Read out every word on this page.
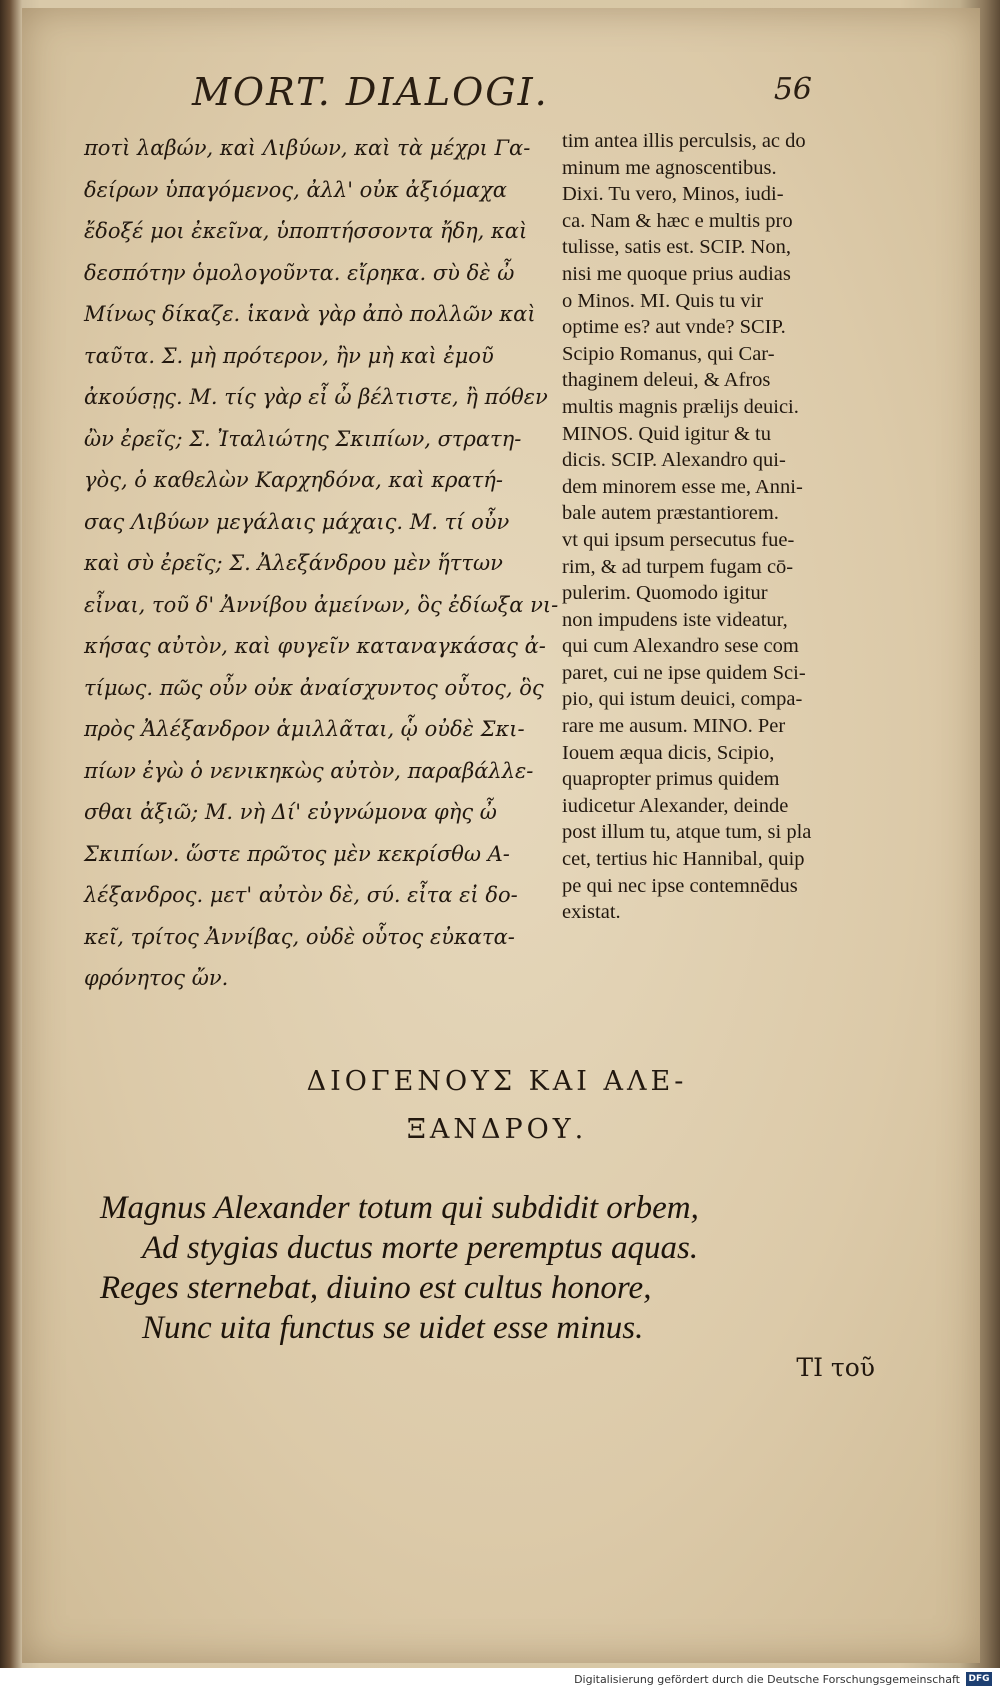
MORT. DIALOGI.	56

ποτὶ λαβών, καὶ Λιβύων, καὶ τὰ μέχρι Γα-

δείρων ὑπαγόμενος, ἀλλ' οὐκ ἀξιόμαχα

ἔδοξέ μοι ἐκεῖνα, ὑποπτήσσοντα ἤδη, καὶ

δεσπότην ὁμολογοῦντα. εἴρηκα. σὺ δὲ ὦ

Μίνως δίκαζε. ἱκανὰ γὰρ ἀπὸ πολλῶν καὶ

ταῦτα. Σ. μὴ πρότερον, ἢν μὴ καὶ ἐμοῦ

ἀκούσῃς. Μ. τίς γὰρ εἶ ὦ βέλτιστε, ἢ πόθεν

ὢν ἐρεῖς; Σ. Ἰταλιώτης Σκιπίων, στρατη-

γὸς, ὁ καθελὼν Καρχηδόνα, καὶ κρατή-

σας Λιβύων μεγάλαις μάχαις. Μ. τί οὖν

καὶ σὺ ἐρεῖς; Σ. Ἀλεξάνδρου μὲν ἥττων

εἶναι, τοῦ δ' Ἀννίβου ἀμείνων, ὃς ἐδίωξα νι-

κήσας αὐτὸν, καὶ φυγεῖν καταναγκάσας ἀ-

τίμως. πῶς οὖν οὐκ ἀναίσχυντος οὗτος, ὃς

πρὸς Ἀλέξανδρον ἁμιλλᾶται, ᾧ οὐδὲ Σκι-

πίων ἐγὼ ὁ νενικηκὼς αὐτὸν, παραβάλλε-

σθαι ἀξιῶ; Μ. νὴ Δί' εὐγνώμονα φὴς ὦ

Σκιπίων. ὥστε πρῶτος μὲν κεκρίσθω Α-

λέξανδρος. μετ' αὐτὸν δὲ, σύ. εἶτα εἰ δο-

κεῖ, τρίτος Ἀννίβας, οὐδὲ οὗτος εὐκατα-

φρόνητος ὤν.

tim antea illis perculsis, ac do

minum me agnoscentibus.

Dixi. Tu vero, Minos, iudi-

ca. Nam & hæc e multis pro

tulisse, satis est. SCIP. Non,

nisi me quoque prius audias

o Minos. MI. Quis tu vir

optime es? aut vnde? SCIP.

Scipio Romanus, qui Car-

thaginem deleui, & Afros

multis magnis prælijs deuici.

MINOS. Quid igitur & tu

dicis. SCIP. Alexandro qui-

dem minorem esse me, Anni-

bale autem præstantiorem.

vt qui ipsum persecutus fue-

rim, & ad turpem fugam cō-

pulerim. Quomodo igitur

non impudens iste videatur,

qui cum Alexandro sese com

paret, cui ne ipse quidem Sci-

pio, qui istum deuici, compa-

rare me ausum. MINO. Per

Iouem æqua dicis, Scipio,

quapropter primus quidem

iudicetur Alexander, deinde

post illum tu, atque tum, si pla

cet, tertius hic Hannibal, quip

pe qui nec ipse contemnēdus

existat.

ΔΙΟΓΕΝΟΥΣ ΚΑΙ ΑΛΕ-
ΞΑΝΔΡΟΥ.

Magnus Alexander totum qui subdidit orbem,

Ad stygias ductus morte peremptus aquas.

Reges sternebat, diuino est cultus honore,

Nunc uita functus se uidet esse minus.

ΤΙ τοῦ
Digitalisierung gefördert durch die Deutsche Forschungsgemeinschaft DFG
